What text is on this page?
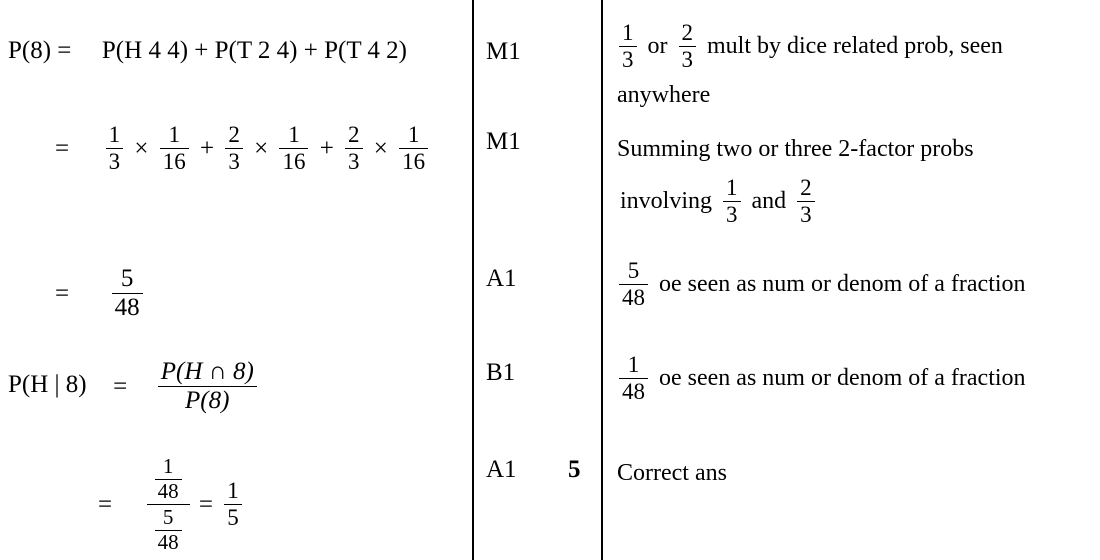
P(8) = P(H 4 4) + P(T 2 4) + P(T 4 2)
= $\frac{1}{3} \times \frac{1}{16} + \frac{2}{3} \times \frac{1}{16} + \frac{2}{3} \times \frac{1}{16}$
= $\frac{5}{48}$
P(H | $8) = \frac{P(H \cap 8)}{P(8)}$
= $\frac{\frac{1}{48}}{\frac{5}{48}} = \frac{1}{5}$
M1
M1
A1
B1
A1 5
$\frac{1}{3}$ or $\frac{2}{3}$ mult by dice related prob, seen
anywhere
Summing two or three 2-factor probs
involving $\frac{1}{3}$ and $\frac{2}{3}$
$\frac{5}{48}$ oe seen as num or denom of a fraction
$\frac{1}{48}$ oe seen as num or denom of a fraction
Correct ans
